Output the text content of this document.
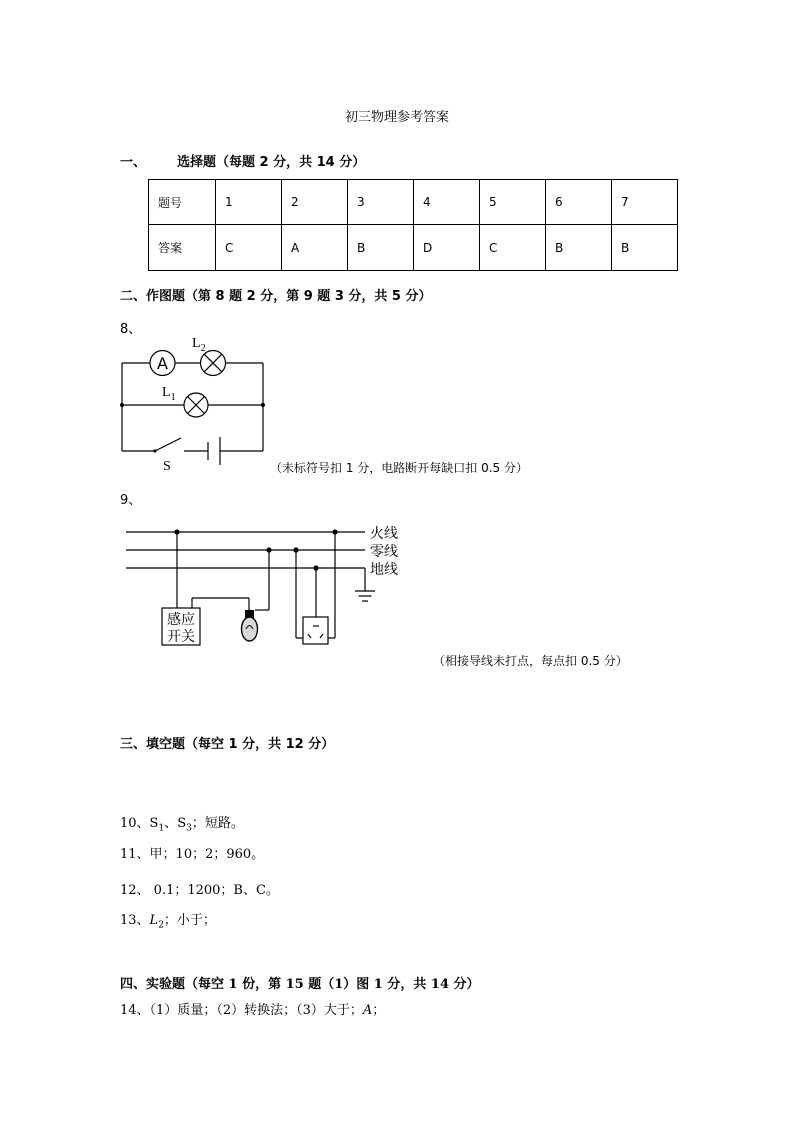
初三物理参考答案
一、 选择题（每题 2 分，共 14 分）
题号	1	2	3	4	5	6	7
答案	C	A	B	D	C	B	B
二、作图题（第 8 题 2 分，第 9 题 3 分，共 5 分）
8、
A
$L_2$
$L_1$
S	（未标符号扣 1 分，电路断开每缺口扣 0.5 分）
9、
感应
开关
火线
零线
地线
（相接导线未打点，每点扣 0.5 分）
三、填空题（每空 1 分，共 12 分）
10、$S_1$、$S_3$；短路。
11、甲；10；2；960。
12、 0.1；1200；B、C。
13、$L_2$；小于；
四、实验题（每空 1 份，第 15 题（1）图 1 分，共 14 分）
14、（1）质量；（2）转换法；（3）大于；A；
